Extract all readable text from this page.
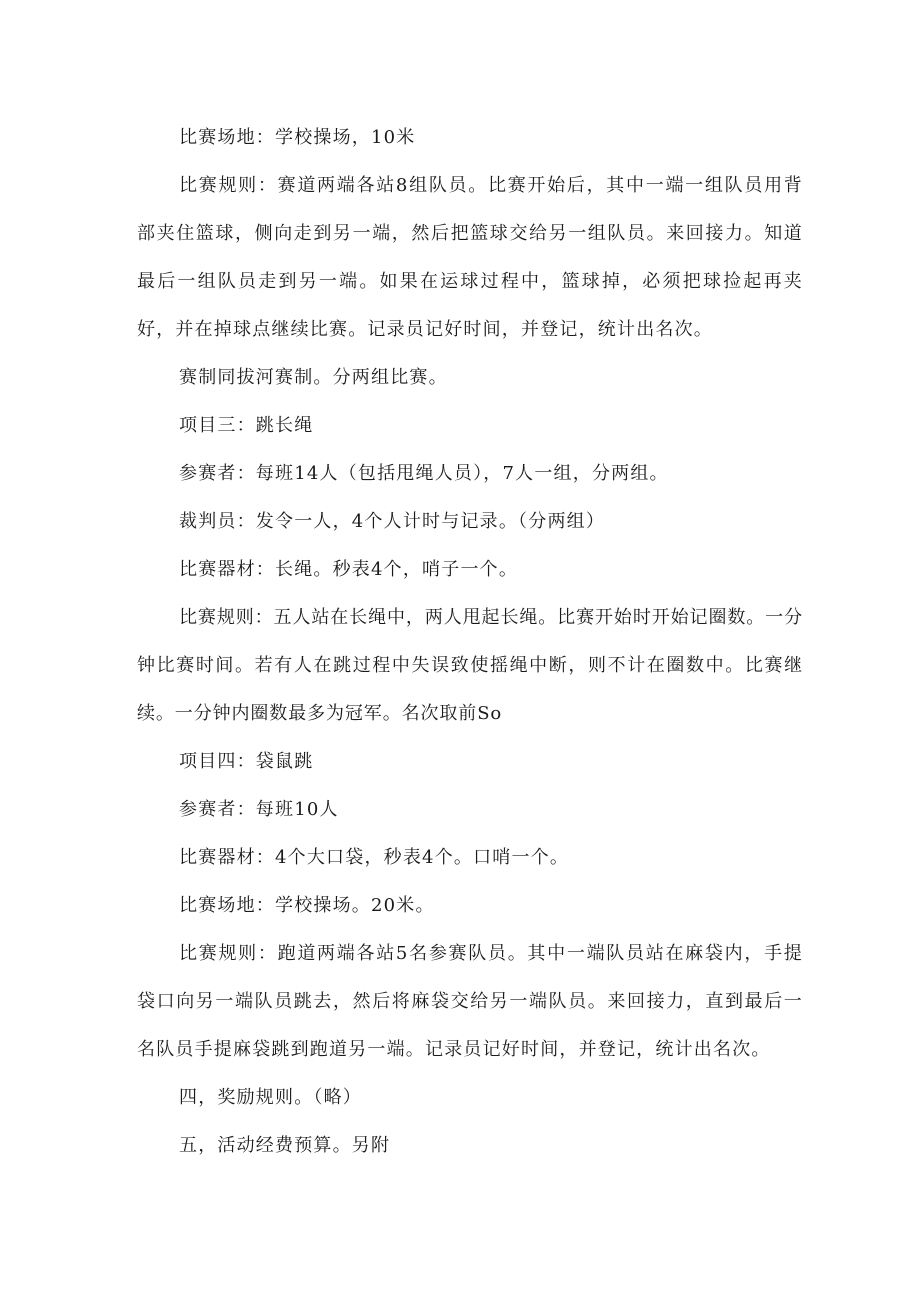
比赛场地：学校操场，10米

比赛规则：赛道两端各站8组队员。比赛开始后，其中一端一组队员用背部夹住篮球，侧向走到另一端，然后把篮球交给另一组队员。来回接力。知道最后一组队员走到另一端。如果在运球过程中，篮球掉，必须把球捡起再夹好，并在掉球点继续比赛。记录员记好时间，并登记，统计出名次。

赛制同拔河赛制。分两组比赛。

项目三：跳长绳

参赛者：每班14人（包括甩绳人员），7人一组，分两组。

裁判员：发令一人，4个人计时与记录。（分两组）

比赛器材：长绳。秒表4个，哨子一个。

比赛规则：五人站在长绳中，两人甩起长绳。比赛开始时开始记圈数。一分钟比赛时间。若有人在跳过程中失误致使摇绳中断，则不计在圈数中。比赛继续。一分钟内圈数最多为冠军。名次取前So

项目四：袋鼠跳

参赛者：每班10人

比赛器材：4个大口袋，秒表4个。口哨一个。

比赛场地：学校操场。20米。

比赛规则：跑道两端各站5名参赛队员。其中一端队员站在麻袋内，手提袋口向另一端队员跳去，然后将麻袋交给另一端队员。来回接力，直到最后一名队员手提麻袋跳到跑道另一端。记录员记好时间，并登记，统计出名次。

四，奖励规则。（略）

五，活动经费预算。另附
